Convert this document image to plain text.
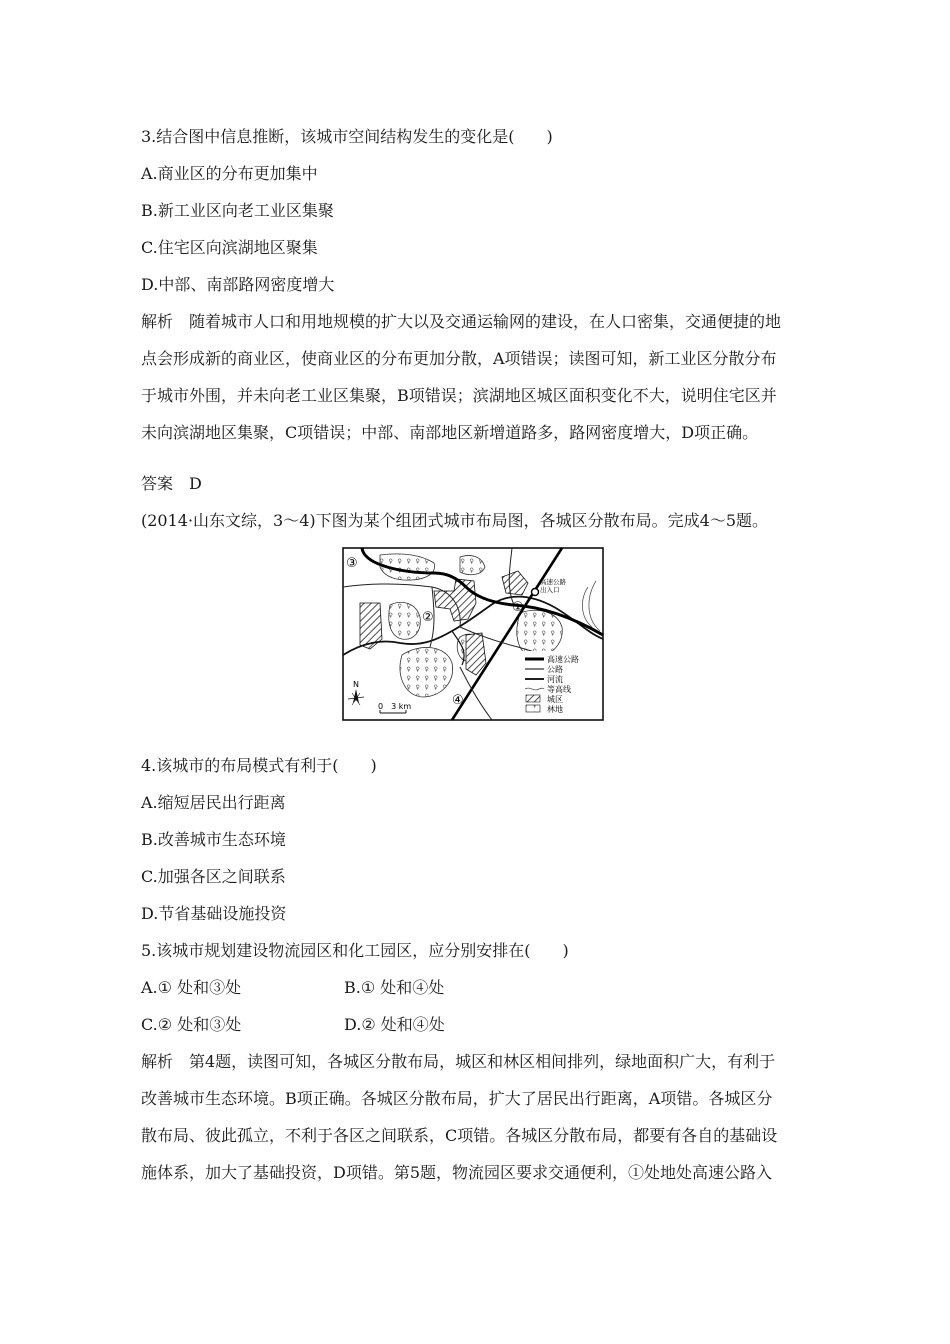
3.结合图中信息推断，该城市空间结构发生的变化是(　　)
A.商业区的分布更加集中
B.新工业区向老工业区集聚
C.住宅区向滨湖地区聚集
D.中部、南部路网密度增大
解析　随着城市人口和用地规模的扩大以及交通运输网的建设，在人口密集，交通便捷的地
点会形成新的商业区，使商业区的分布更加分散，A项错误；读图可知，新工业区分散分布
于城市外围，并未向老工业区集聚，B项错误；滨湖地区城区面积变化不大，说明住宅区并
未向滨湖地区集聚，C项错误；中部、南部地区新增道路多，路网密度增大，D项正确。
答案　D
(2014·山东文综，3～4)下图为某个组团式城市布局图，各城区分散布局。完成4～5题。
高速公路
出入口
①
②
③
④
高速公路
公路
河流
等高线
城区
林地
N
0　3 km
4.该城市的布局模式有利于(　　)
A.缩短居民出行距离
B.改善城市生态环境
C.加强各区之间联系
D.节省基础设施投资
5.该城市规划建设物流园区和化工园区，应分别安排在(　　)
A.① 处和③处	B.① 处和④处
C.② 处和③处	D.② 处和④处
解析　第4题，读图可知，各城区分散布局，城区和林区相间排列，绿地面积广大，有利于
改善城市生态环境。B项正确。各城区分散布局，扩大了居民出行距离，A项错。各城区分
散布局、彼此孤立，不利于各区之间联系，C项错。各城区分散布局，都要有各自的基础设
施体系，加大了基础投资，D项错。第5题，物流园区要求交通便利，①处地处高速公路入
